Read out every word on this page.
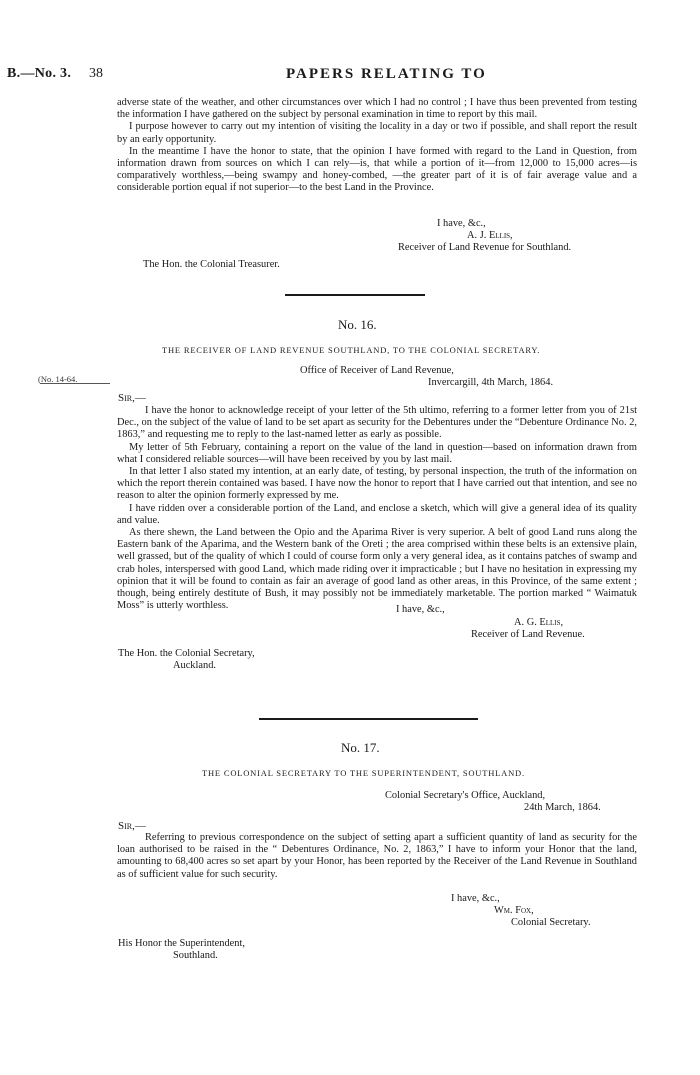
B.—No. 3. 38	PAPERS RELATING TO

adverse state of the weather, and other circumstances over which I had no control ; I have thus been prevented from testing the information I have gathered on the subject by personal examination in time to report by this mail.

I purpose however to carry out my intention of visiting the locality in a day or two if possible, and shall report the result by an early opportunity.

In the meantime I have the honor to state, that the opinion I have formed with regard to the Land in Question, from information drawn from sources on which I can rely—is, that while a portion of it—from 12,000 to 15,000 acres—is comparatively worthless,—being swampy and honey-combed, —the greater part of it is of fair average value and a considerable portion equal if not superior—to the best Land in the Province.

I have, &c.,
A. J. Ellis,
Receiver of Land Revenue for Southland.
The Hon. the Colonial Treasurer.
No. 16.
THE RECEIVER OF LAND REVENUE SOUTHLAND, TO THE COLONIAL SECRETARY.
(No. 14-64.
Office of Receiver of Land Revenue,
Invercargill, 4th March, 1864.
Sir,—

I have the honor to acknowledge receipt of your letter of the 5th ultimo, referring to a former letter from you of 21st Dec., on the subject of the value of land to be set apart as security for the Debentures under the “Debenture Ordinance No. 2, 1863,” and requesting me to reply to the last-named letter as early as possible.

My letter of 5th February, containing a report on the value of the land in question—based on information drawn from what I considered reliable sources—will have been received by you by last mail.

In that letter I also stated my intention, at an early date, of testing, by personal inspection, the truth of the information on which the report therein contained was based. I have now the honor to report that I have carried out that intention, and see no reason to alter the opinion formerly expressed by me.

I have ridden over a considerable portion of the Land, and enclose a sketch, which will give a general idea of its quality and value.

As there shewn, the Land between the Opio and the Aparima River is very superior. A belt of good Land runs along the Eastern bank of the Aparima, and the Western bank of the Oreti ; the area comprised within these belts is an extensive plain, well grassed, but of the quality of which I could of course form only a very general idea, as it contains patches of swamp and crab holes, interspersed with good Land, which made riding over it impracticable ; but I have no hesitation in expressing my opinion that it will be found to contain as fair an average of good land as other areas, in this Province, of the same extent ; though, being entirely destitute of Bush, it may possibly not be immediately marketable. The portion marked “ Waimatuk Moss” is utterly worthless.	I have, &c.,
A. G. Ellis,
Receiver of Land Revenue.
The Hon. the Colonial Secretary,
Auckland.
No. 17.
THE COLONIAL SECRETARY TO THE SUPERINTENDENT, SOUTHLAND.
Colonial Secretary's Office, Auckland,
24th March, 1864.
Sir,—

Referring to previous correspondence on the subject of setting apart a sufficient quantity of land as security for the loan authorised to be raised in the “ Debentures Ordinance, No. 2, 1863,” I have to inform your Honor that the land, amounting to 68,400 acres so set apart by your Honor, has been reported by the Receiver of the Land Revenue in Southland as of sufficient value for such security.

I have, &c.,
Wm. Fox,
Colonial Secretary.
His Honor the Superintendent,
Southland.
